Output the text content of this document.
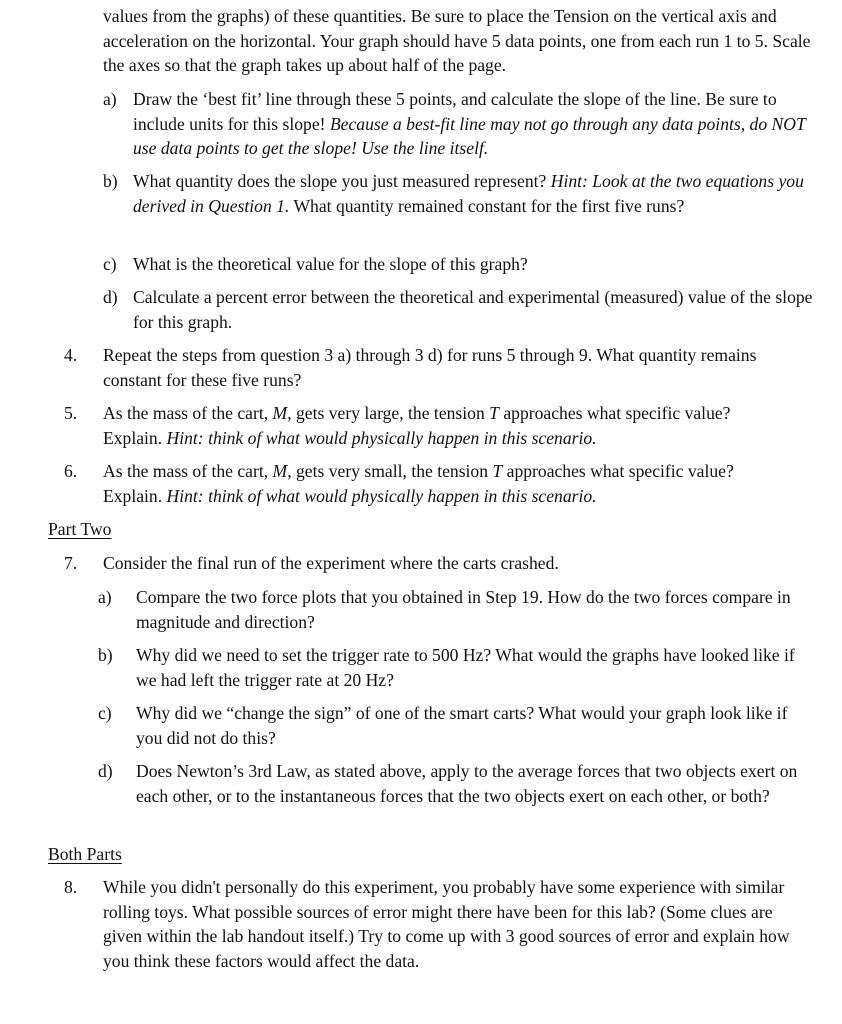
values from the graphs) of these quantities. Be sure to place the Tension on the vertical axis and acceleration on the horizontal. Your graph should have 5 data points, one from each run 1 to 5. Scale the axes so that the graph takes up about half of the page.
a) Draw the ‘best fit’ line through these 5 points, and calculate the slope of the line. Be sure to include units for this slope! Because a best-fit line may not go through any data points, do NOT use data points to get the slope! Use the line itself.
b) What quantity does the slope you just measured represent? Hint: Look at the two equations you derived in Question 1. What quantity remained constant for the first five runs?
c) What is the theoretical value for the slope of this graph?
d) Calculate a percent error between the theoretical and experimental (measured) value of the slope for this graph.
4. Repeat the steps from question 3 a) through 3 d) for runs 5 through 9. What quantity remains constant for these five runs?
5. As the mass of the cart, M, gets very large, the tension T approaches what specific value? Explain. Hint: think of what would physically happen in this scenario.
6. As the mass of the cart, M, gets very small, the tension T approaches what specific value? Explain. Hint: think of what would physically happen in this scenario.
Part Two
7. Consider the final run of the experiment where the carts crashed.
a) Compare the two force plots that you obtained in Step 19. How do the two forces compare in magnitude and direction?
b) Why did we need to set the trigger rate to 500 Hz? What would the graphs have looked like if we had left the trigger rate at 20 Hz?
c) Why did we “change the sign” of one of the smart carts? What would your graph look like if you did not do this?
d) Does Newton’s 3rd Law, as stated above, apply to the average forces that two objects exert on each other, or to the instantaneous forces that the two objects exert on each other, or both?
Both Parts
8. While you didn't personally do this experiment, you probably have some experience with similar rolling toys. What possible sources of error might there have been for this lab? (Some clues are given within the lab handout itself.) Try to come up with 3 good sources of error and explain how you think these factors would affect the data.
